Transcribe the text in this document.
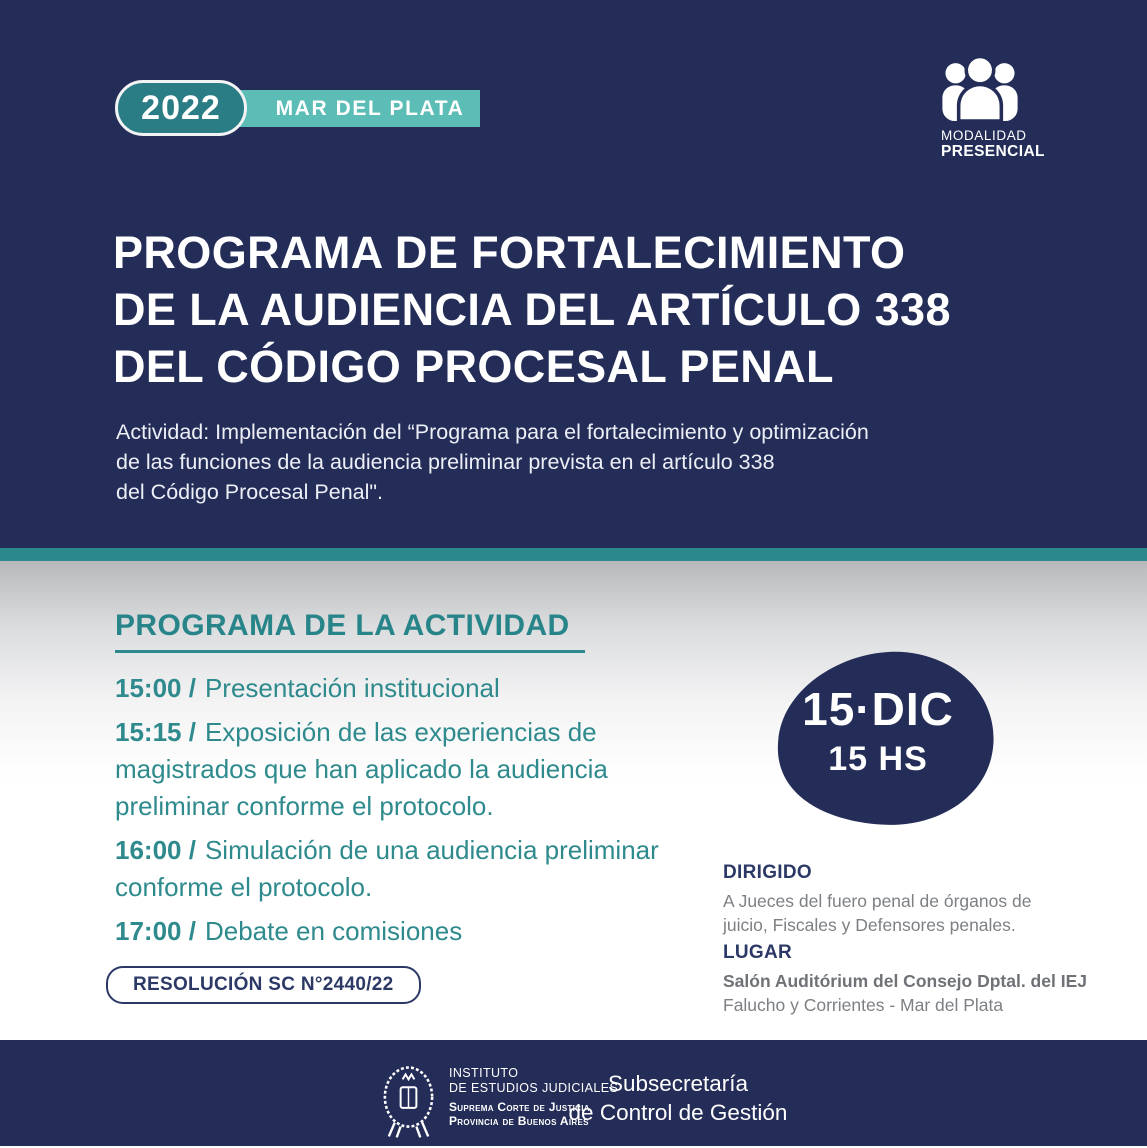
MAR DEL PLATA
2022
MODALIDAD
PRESENCIAL
PROGRAMA DE FORTALECIMIENTO
DE LA AUDIENCIA DEL ARTÍCULO 338
DEL CÓDIGO PROCESAL PENAL
Actividad: Implementación del “Programa para el fortalecimiento y optimización
de las funciones de la audiencia preliminar prevista en el artículo 338
del Código Procesal Penal".
PROGRAMA DE LA ACTIVIDAD
15:00 / Presentación institucional
15:15 / Exposición de las experiencias de magistrados que han aplicado la audiencia preliminar conforme el protocolo.
16:00 / Simulación de una audiencia preliminar conforme el protocolo.
17:00 / Debate en comisiones
RESOLUCIÓN SC N°2440/22
15·DIC
15 HS
DIRIGIDO
A Jueces del fuero penal de órganos de juicio, Fiscales y Defensores penales.
LUGAR
Salón Auditórium del Consejo Dptal. del IEJ
Falucho y Corrientes - Mar del Plata
INSTITUTO
DE ESTUDIOS JUDICIALES
Suprema Corte de Justicia
Provincia de Buenos Aires
Subsecretaría
de Control de Gestión
